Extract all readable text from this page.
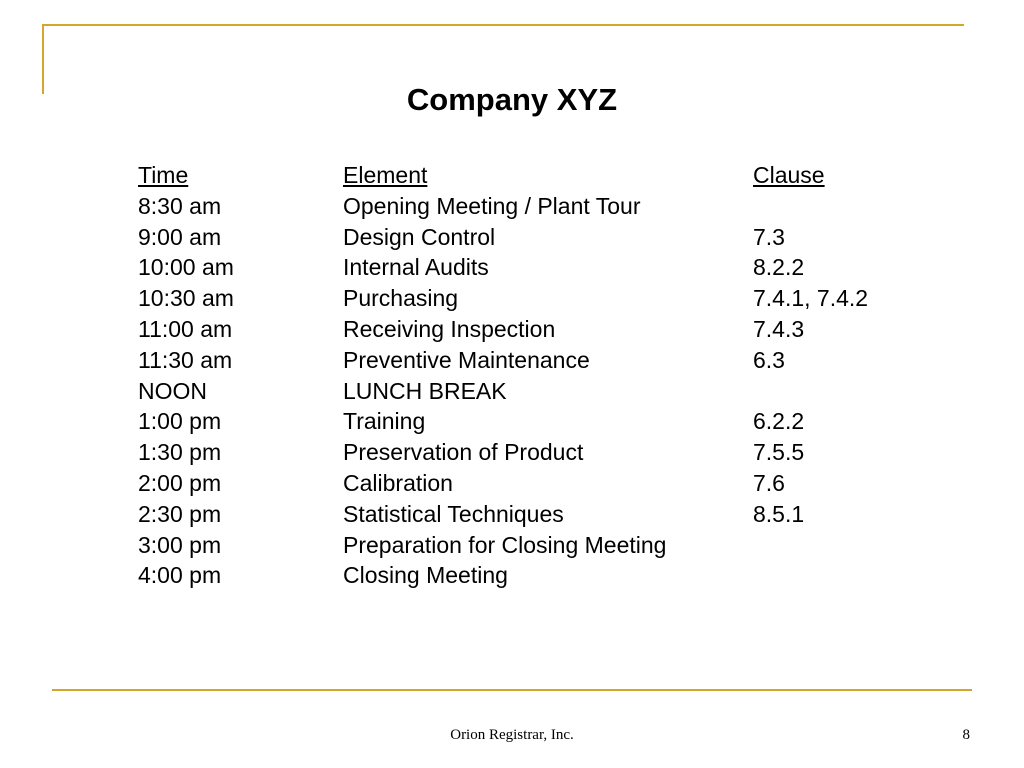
Company XYZ
Time	Element	Clause
8:30 am	Opening Meeting / Plant Tour
9:00 am	Design Control	7.3
10:00 am	Internal Audits	8.2.2
10:30 am	Purchasing	7.4.1, 7.4.2
11:00 am	Receiving Inspection	7.4.3
11:30 am	Preventive Maintenance	6.3
NOON	LUNCH BREAK
1:00 pm	Training	6.2.2
1:30 pm	Preservation of Product	7.5.5
2:00 pm	Calibration	7.6
2:30 pm	Statistical Techniques	8.5.1
3:00 pm	Preparation for Closing Meeting
4:00 pm	Closing Meeting
Orion Registrar, Inc.	8
